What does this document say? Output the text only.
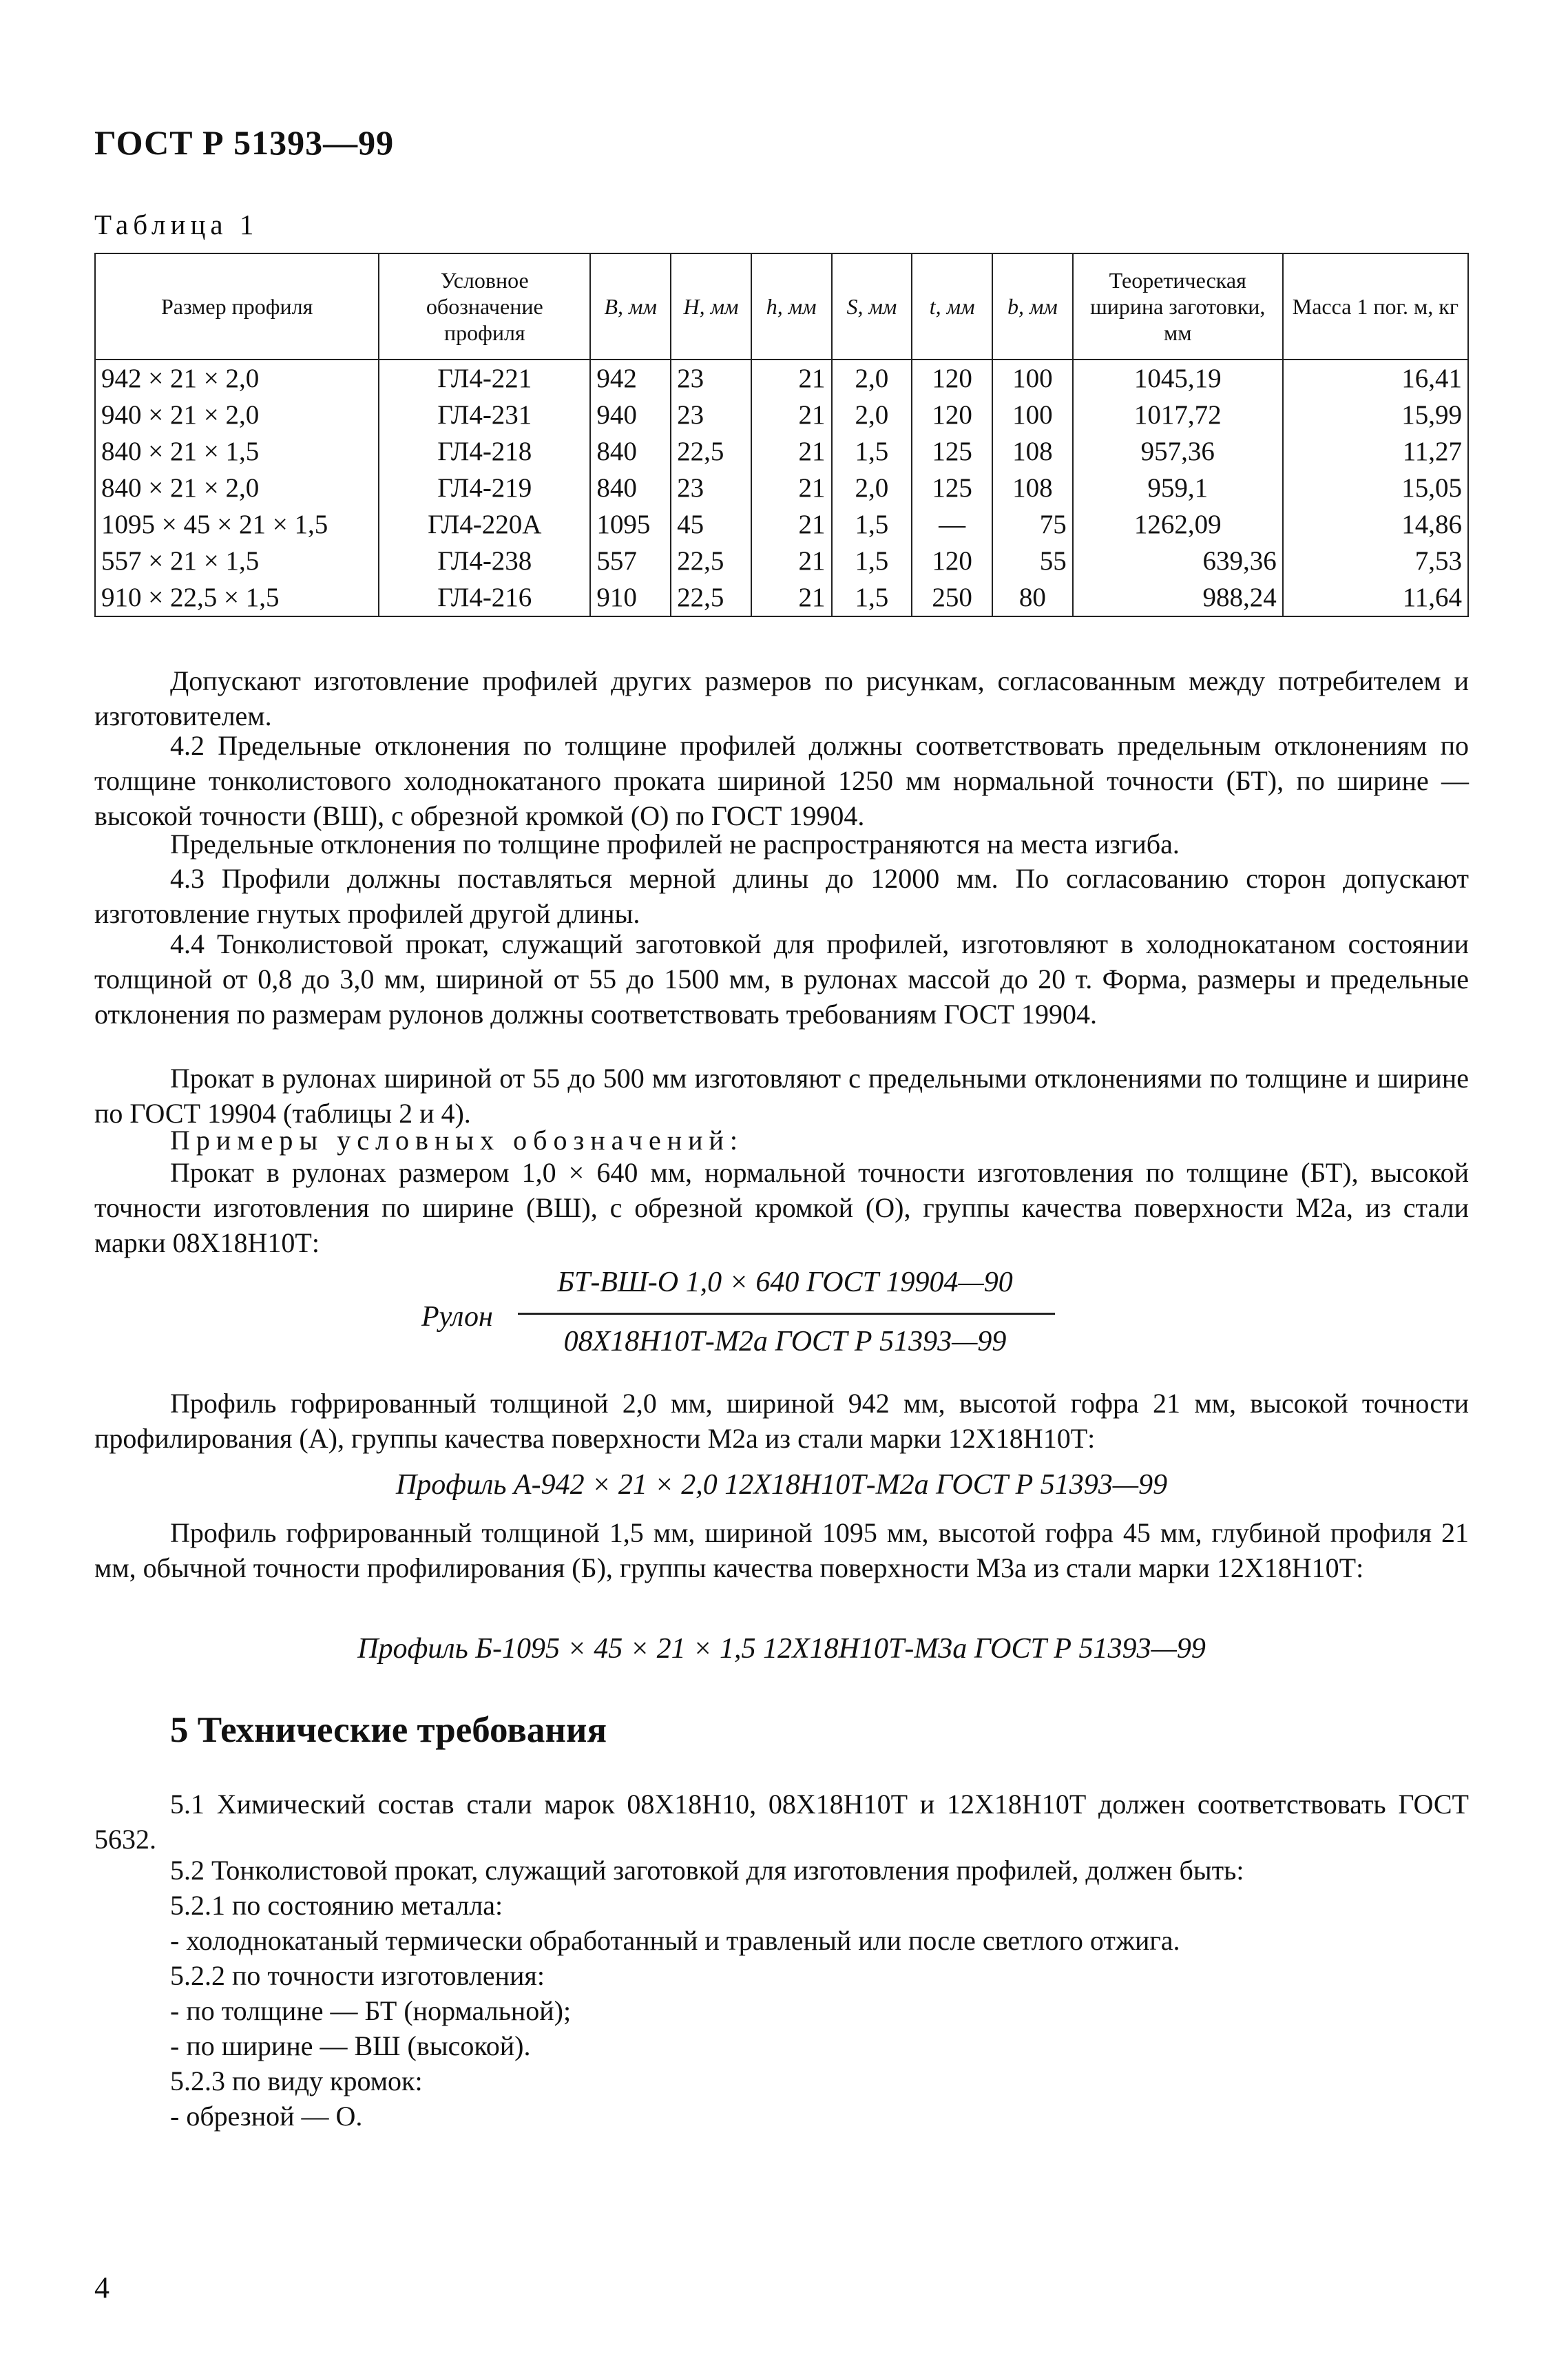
ГОСТ Р 51393—99
Таблица 1
Размер профиля	Условное обозначение профиля	B, мм	H, мм	h, мм	S, мм	t, мм	b, мм	Теоретическая ширина заготовки, мм	Масса 1 пог. м, кг
942 × 21 × 2,0	ГЛ4-221	942	23	21	2,0	120	100	1045,19	16,41
940 × 21 × 2,0	ГЛ4-231	940	23	21	2,0	120	100	1017,72	15,99
840 × 21 × 1,5	ГЛ4-218	840	22,5	21	1,5	125	108	957,36	11,27
840 × 21 × 2,0	ГЛ4-219	840	23	21	2,0	125	108	959,1	15,05
1095 × 45 × 21 × 1,5	ГЛ4-220А	1095	45	21	1,5	—	75	1262,09	14,86
557 × 21 × 1,5	ГЛ4-238	557	22,5	21	1,5	120	55	639,36	7,53
910 × 22,5 × 1,5	ГЛ4-216	910	22,5	21	1,5	250	80	988,24	11,64

Допускают изготовление профилей других размеров по рисункам, согласованным между потребителем и изготовителем.

4.2 Предельные отклонения по толщине профилей должны соответствовать предельным отклонениям по толщине тонколистового холоднокатаного проката шириной 1250 мм нормальной точности (БТ), по ширине — высокой точности (ВШ), с обрезной кромкой (О) по ГОСТ 19904.

Предельные отклонения по толщине профилей не распространяются на места изгиба.

4.3 Профили должны поставляться мерной длины до 12000 мм. По согласованию сторон допускают изготовление гнутых профилей другой длины.

4.4 Тонколистовой прокат, служащий заготовкой для профилей, изготовляют в холоднокатаном состоянии толщиной от 0,8 до 3,0 мм, шириной от 55 до 1500 мм, в рулонах массой до 20 т. Форма, размеры и предельные отклонения по размерам рулонов должны соответствовать требованиям ГОСТ 19904.

Прокат в рулонах шириной от 55 до 500 мм изготовляют с предельными отклонениями по толщине и ширине по ГОСТ 19904 (таблицы 2 и 4).

Примеры условных обозначений:

Прокат в рулонах размером 1,0 × 640 мм, нормальной точности изготовления по толщине (БТ), высокой точности изготовления по ширине (ВШ), с обрезной кромкой (О), группы качества поверхности М2а, из стали марки 08Х18Н10Т:

Рулон
БТ-ВШ-О 1,0 × 640 ГОСТ 19904—90
08Х18Н10Т-М2а ГОСТ Р 51393—99

Профиль гофрированный толщиной 2,0 мм, шириной 942 мм, высотой гофра 21 мм, высокой точности профилирования (А), группы качества поверхности М2а из стали марки 12Х18Н10Т:

Профиль А-942 × 21 × 2,0 12Х18Н10Т-М2а ГОСТ Р 51393—99

Профиль гофрированный толщиной 1,5 мм, шириной 1095 мм, высотой гофра 45 мм, глубиной профиля 21 мм, обычной точности профилирования (Б), группы качества поверхности М3а из стали марки 12Х18Н10Т:

Профиль Б-1095 × 45 × 21 × 1,5 12Х18Н10Т-М3а ГОСТ Р 51393—99
5 Технические требования

5.1 Химический состав стали марок 08Х18Н10, 08Х18Н10Т и 12Х18Н10Т должен соответствовать ГОСТ 5632.

5.2 Тонколистовой прокат, служащий заготовкой для изготовления профилей, должен быть:
5.2.1 по состоянию металла:
- холоднокатаный термически обработанный и травленый или после светлого отжига.
5.2.2 по точности изготовления:
- по толщине — БТ (нормальной);
- по ширине — ВШ (высокой).
5.2.3 по виду кромок:
- обрезной — О.
4
